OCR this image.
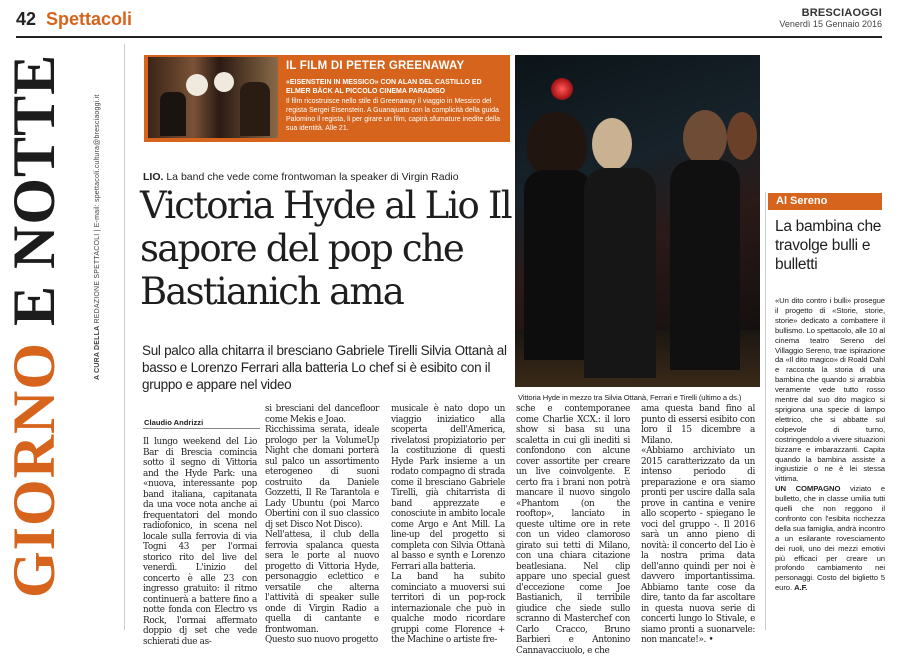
42 Spettacoli	BRESCIAOGGI
Venerdì 15 Gennaio 2016
GIORNO E NOTTE
A CURA DELLA REDAZIONE SPETTACOLI | E-mail: spettacoli.cultura@bresciaoggi.it
IL FILM DI PETER GREENAWAY
«EISENSTEIN IN MESSICO» CON ALAN DEL CASTILLO ED ELMER BÄCK AL PICCOLO CINEMA PARADISO
Il film ricostruisce nello stile di Greenaway il viaggio in Messico del regista Sergei Eisenstein. A Guanajuato con la complicità della guida Palomino il regista, li per girare un film, capirà sfumature inedite della sua identità. Alle 21.
LIO. La band che vede come frontwoman la speaker di Virgin Radio
Victoria Hyde al Lio Il sapore del pop che Bastianich ama
Sul palco alla chitarra il bresciano Gabriele Tirelli Silvia Ottanà al basso e Lorenzo Ferrari alla batteria Lo chef si è esibito con il gruppo e appare nel video
Vittoria Hyde in mezzo tra Silvia Ottanà, Ferrari e Tirelli (ultimo a ds.)
Claudio Andrizzi
Il lungo weekend del Lio Bar di Brescia comincia sotto il segno di Vittoria and the Hyde Park: una «nuova, interessante pop band italiana, capitanata da una voce nota anche ai frequentatori del mondo radiofonico, in scena nel locale sulla ferrovia di via Togni 43 per l'ormai storico rito del live del venerdì. L'inizio del concerto è alle 23 con ingresso gratuito: il ritmo continuerà a battere fino a notte fonda con Electro vs Rock, l'ormai affermato doppio dj set che vede schierati due as-
si bresciani del dancefloor come Mekis e Joao.
Ricchissima serata, ideale prologo per la VolumeUp Night che domani porterà sul palco un assortimento eterogeneo di suoni costruito da Daniele Gozzetti, Il Re Tarantola e Lady Ubuntu (poi Marco Obertini con il suo classico dj set Disco Not Disco).
Nell'attesa, il club della ferrovia spalanca questa sera le porte al nuovo progetto di Vittoria Hyde, personaggio eclettico e versatile che alterna l'attività di speaker sulle onde di Virgin Radio a quella di cantante e frontwoman.
Questo suo nuovo progetto
musicale è nato dopo un viaggio iniziatico alla scoperta dell'America, rivelatosi propiziatorio per la costituzione di questi Hyde Park insieme a un rodato compagno di strada come il bresciano Gabriele Tirelli, già chitarrista di band apprezzate e conosciute in ambito locale come Argo e Ant Mill. La line-up del progetto si completa con Silvia Ottanà al basso e synth e Lorenzo Ferrari alla batteria.
La band ha subito cominciato a muoversi sui territori di un pop-rock internazionale che può in qualche modo ricordare gruppi come Florence + the Machine o artiste fre-
sche e contemporanee come Charlie XCX.: il loro show si basa su una scaletta in cui gli inediti si confondono con alcune cover assortite per creare un live coinvolgente. E certo fra i brani non potrà mancare il nuovo singolo «Phantom (on the rooftop», lanciato in queste ultime ore in rete con un video clamoroso girato sui tetti di Milano, con una chiara citazione beatlesiana. Nel clip appare uno special guest d'eccezione come Joe Bastianich, il terribile giudice che siede sullo scranno di Masterchef con Carlo Cracco, Bruno Barbieri e Antonino Cannavacciuolo, e che
ama questa band fino al punto di essersi esibito con loro il 15 dicembre a Milano.
«Abbiamo archiviato un 2015 caratterizzato da un intenso periodo di preparazione e ora siamo pronti per uscire dalla sala prove in cantina e venire allo scoperto - spiegano le voci del gruppo -. Il 2016 sarà un anno pieno di novità: il concerto del Lio è la nostra prima data dell'anno quindi per noi è davvero importantissima. Abbiamo tante cose da dire, tanto da far ascoltare in questa nuova serie di concerti lungo lo Stivale, e siamo pronti a suonarvele: non mancate!». •
Al Sereno
La bambina che travolge bulli e bulletti
«Un dito contro i bulli» prosegue il progetto di «Storie, storie, storie» dedicato a combattere il bullismo. Lo spettacolo, alle 10 al cinema teatro Sereno del Villaggio Sereno, trae ispirazione da «Il dito magico» di Roald Dahl e racconta la storia di una bambina che quando si arrabbia veramente vede tutto rosso mentre dal suo dito magico si sprigiona una specie di lampo elettrico, che si abbatte sul colpevole di turno, costringendolo a vivere situazioni bizzarre e imbarazzanti. Capita quando la bambina assiste a ingiustizie o ne è lei stessa vittima.
UN COMPAGNO viziato e bulletto, che in classe umilia tutti quelli che non reggono il confronto con l'esibita ricchezza della sua famiglia, andrà incontro a un esilarante rovesciamento dei ruoli, uno dei mezzi emotivi più efficaci per creare un profondo cambiamento nei personaggi. Costo del biglietto 5 euro. A.F.
